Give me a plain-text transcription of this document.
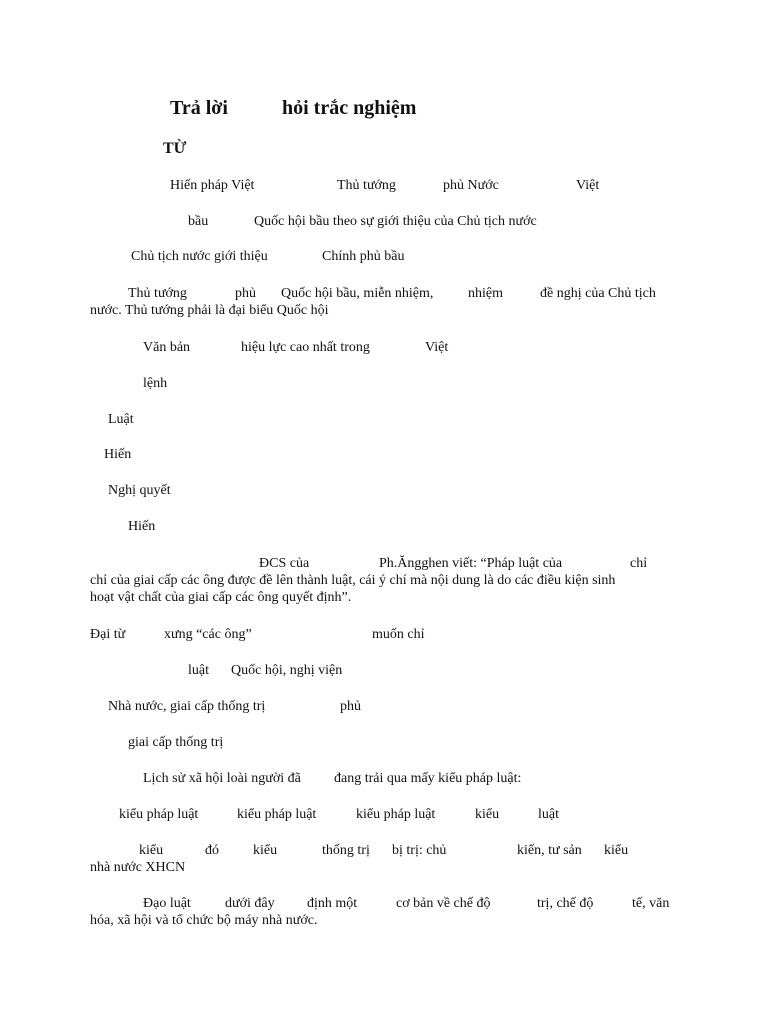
Trả lời	hỏi trắc nghiệm
TỪ
Hiến pháp Việt	Thủ tướng	phủ Nước	Việt
bầu	Quốc hội bầu theo sự giới thiệu của Chủ tịch nước
Chủ tịch nước giới thiệu	Chính phủ bầu
Thủ tướng	phủ Quốc hội bầu, miễn nhiệm, nhiệm	đề nghị của Chủ tịch
nước. Thủ tướng phải là đại biểu Quốc hội
Văn bản	hiệu lực cao nhất trong	Việt
lệnh
Luật
Hiến
Nghị quyết
Hiến
ĐCS của	Ph.Ăngghen viết: “Pháp luật của	chỉ
chỉ của giai cấp các ông được đề lên thành luật, cái ý chí mà nội dung là do các điều kiện sinh
hoạt vật chất của giai cấp các ông quyết định”.
Đại từ	xưng “các ông”	muốn chỉ
luật Quốc hội, nghị viện
Nhà nước, giai cấp thống trị	phủ
giai cấp thống trị
Lịch sử xã hội loài người đã đang trải qua mấy kiểu pháp luật:
kiểu pháp luật	kiểu pháp luật	kiểu pháp luật	kiểu	luật
kiểu	đó kiểu	thống trị bị trị: chủ	kiến, tư sản kiểu
nhà nước XHCN
Đạo luật dưới đây định một	cơ bản về chế độ	trị, chế độ	tế, văn
hóa, xã hội và tổ chức bộ máy nhà nước.
